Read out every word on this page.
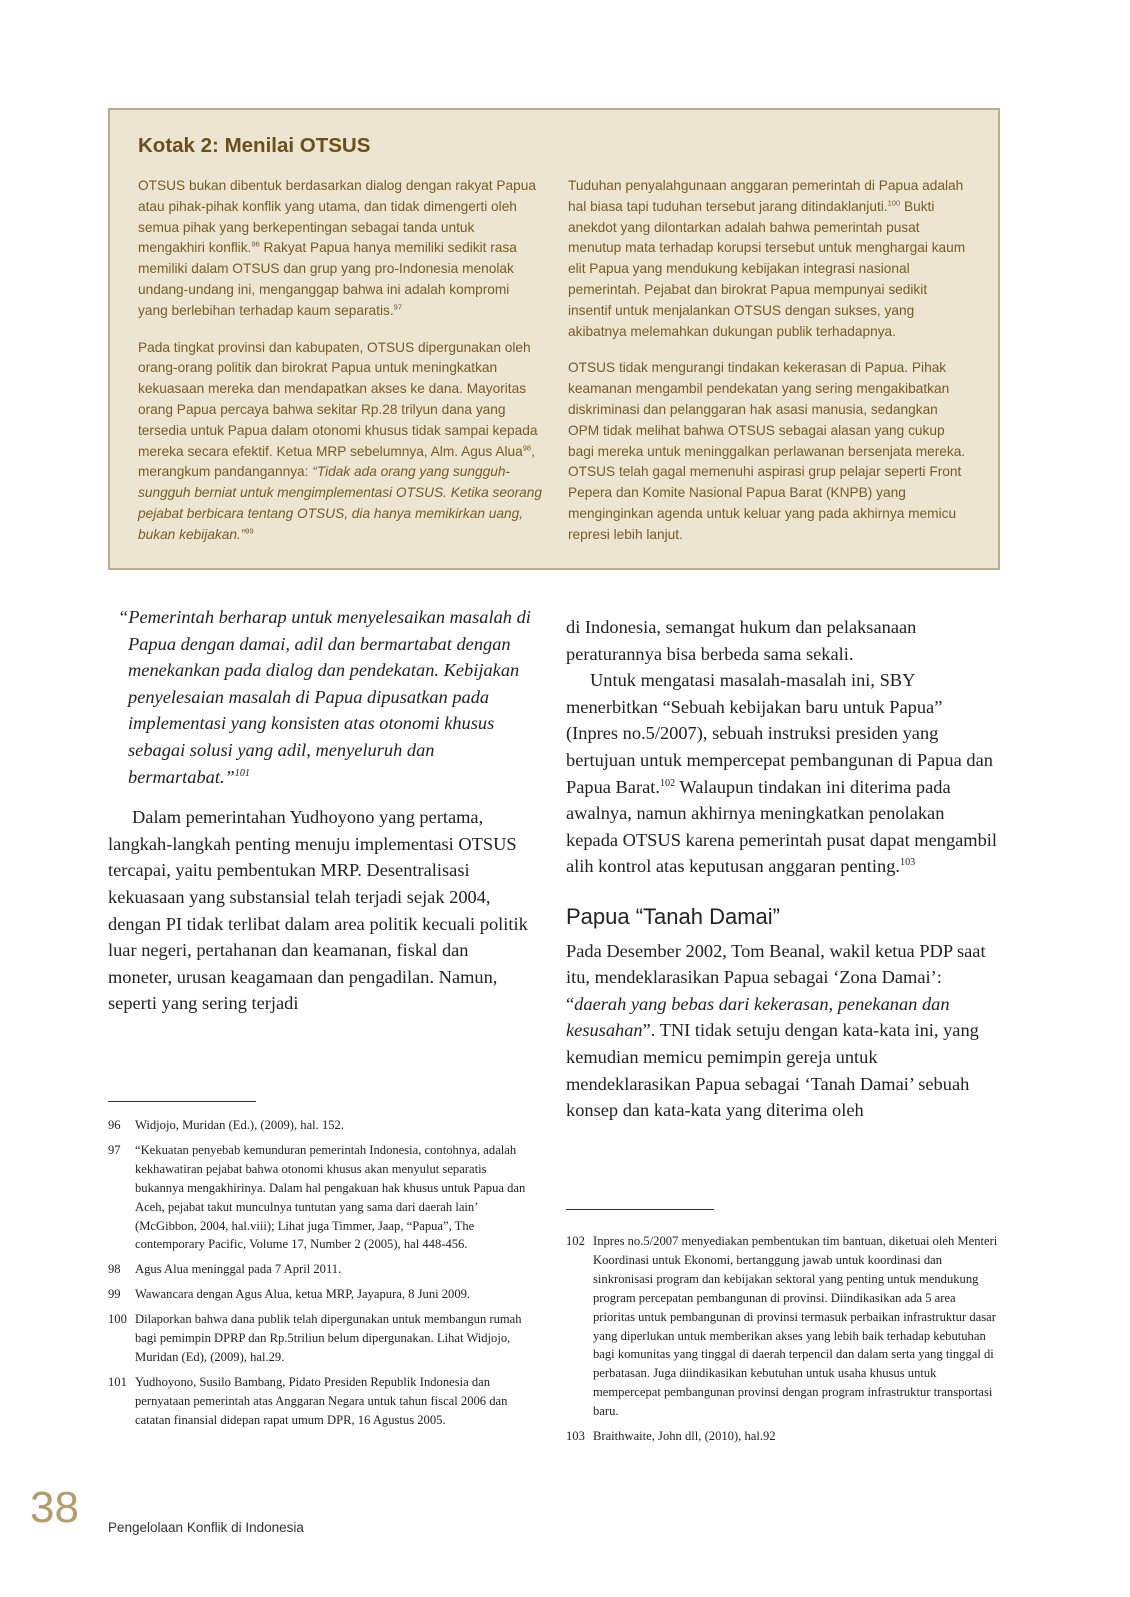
Kotak 2: Menilai OTSUS

OTSUS bukan dibentuk berdasarkan dialog dengan rakyat Papua atau pihak-pihak konflik yang utama, dan tidak dimengerti oleh semua pihak yang berkepentingan sebagai tanda untuk mengakhiri konflik.$^{96}$ Rakyat Papua hanya memiliki sedikit rasa memiliki dalam OTSUS dan grup yang pro-Indonesia menolak undang-undang ini, menganggap bahwa ini adalah kompromi yang berlebihan terhadap kaum separatis.$^{97}$

Pada tingkat provinsi dan kabupaten, OTSUS dipergunakan oleh orang-orang politik dan birokrat Papua untuk meningkatkan kekuasaan mereka dan mendapatkan akses ke dana. Mayoritas orang Papua percaya bahwa sekitar Rp.28 trilyun dana yang tersedia untuk Papua dalam otonomi khusus tidak sampai kepada mereka secara efektif. Ketua MRP sebelumnya, Alm. Agus Alua$^{98}$, merangkum pandangannya: “Tidak ada orang yang sungguh-sungguh berniat untuk mengimplementasi OTSUS. Ketika seorang pejabat berbicara tentang OTSUS, dia hanya memikirkan uang, bukan kebijakan.”$^{99}$

Tuduhan penyalahgunaan anggaran pemerintah di Papua adalah hal biasa tapi tuduhan tersebut jarang ditindaklanjuti.$^{100}$ Bukti anekdot yang dilontarkan adalah bahwa pemerintah pusat menutup mata terhadap korupsi tersebut untuk menghargai kaum elit Papua yang mendukung kebijakan integrasi nasional pemerintah. Pejabat dan birokrat Papua mempunyai sedikit insentif untuk menjalankan OTSUS dengan sukses, yang akibatnya melemahkan dukungan publik terhadapnya.

OTSUS tidak mengurangi tindakan kekerasan di Papua. Pihak keamanan mengambil pendekatan yang sering mengakibatkan diskriminasi dan pelanggaran hak asasi manusia, sedangkan OPM tidak melihat bahwa OTSUS sebagai alasan yang cukup bagi mereka untuk meninggalkan perlawanan bersenjata mereka. OTSUS telah gagal memenuhi aspirasi grup pelajar seperti Front Pepera dan Komite Nasional Papua Barat (KNPB) yang menginginkan agenda untuk keluar yang pada akhirnya memicu represi lebih lanjut.

“Pemerintah berharap untuk menyelesaikan masalah di Papua dengan damai, adil dan bermartabat dengan menekankan pada dialog dan pendekatan. Kebijakan penyelesaian masalah di Papua dipusatkan pada implementasi yang konsisten atas otonomi khusus sebagai solusi yang adil, menyeluruh dan bermartabat.”$^{101}$

Dalam pemerintahan Yudhoyono yang pertama, langkah-langkah penting menuju implementasi OTSUS tercapai, yaitu pembentukan MRP. Desentralisasi kekuasaan yang substansial telah terjadi sejak 2004, dengan PI tidak terlibat dalam area politik kecuali politik luar negeri, pertahanan dan keamanan, fiskal dan moneter, urusan keagamaan dan pengadilan. Namun, seperti yang sering terjadi

di Indonesia, semangat hukum dan pelaksanaan peraturannya bisa berbeda sama sekali.

Untuk mengatasi masalah-masalah ini, SBY menerbitkan “Sebuah kebijakan baru untuk Papua” (Inpres no.5/2007), sebuah instruksi presiden yang bertujuan untuk mempercepat pembangunan di Papua dan Papua Barat.$^{102}$ Walaupun tindakan ini diterima pada awalnya, namun akhirnya meningkatkan penolakan kepada OTSUS karena pemerintah pusat dapat mengambil alih kontrol atas keputusan anggaran penting.$^{103}$

Papua “Tanah Damai”

Pada Desember 2002, Tom Beanal, wakil ketua PDP saat itu, mendeklarasikan Papua sebagai ‘Zona Damai’: “daerah yang bebas dari kekerasan, penekanan dan kesusahan”. TNI tidak setuju dengan kata-kata ini, yang kemudian memicu pemimpin gereja untuk mendeklarasikan Papua sebagai ‘Tanah Damai’ sebuah konsep dan kata-kata yang diterima oleh

96	Widjojo, Muridan (Ed.), (2009), hal. 152.
97	“Kekuatan penyebab kemunduran pemerintah Indonesia, contohnya, adalah kekhawatiran pejabat bahwa otonomi khusus akan menyulut separatis bukannya mengakhirinya. Dalam hal pengakuan hak khusus untuk Papua dan Aceh, pejabat takut munculnya tuntutan yang sama dari daerah lain’ (McGibbon, 2004, hal.viii); Lihat juga Timmer, Jaap, “Papua”, The contemporary Pacific, Volume 17, Number 2 (2005), hal 448-456.
98	Agus Alua meninggal pada 7 April 2011.
99	Wawancara dengan Agus Alua, ketua MRP, Jayapura, 8 Juni 2009.
100 Dilaporkan bahwa dana publik telah dipergunakan untuk membangun rumah bagi pemimpin DPRP dan Rp.5triliun belum dipergunakan. Lihat Widjojo, Muridan (Ed), (2009), hal.29.
101 Yudhoyono, Susilo Bambang, Pidato Presiden Republik Indonesia dan pernyataan pemerintah atas Anggaran Negara untuk tahun fiscal 2006 dan catatan finansial didepan rapat umum DPR, 16 Agustus 2005.
102 Inpres no.5/2007 menyediakan pembentukan tim bantuan, diketuai oleh Menteri Koordinasi untuk Ekonomi, bertanggung jawab untuk koordinasi dan sinkronisasi program dan kebijakan sektoral yang penting untuk mendukung program percepatan pembangunan di provinsi. Diindikasikan ada 5 area prioritas untuk pembangunan di provinsi termasuk perbaikan infrastruktur dasar yang diperlukan untuk memberikan akses yang lebih baik terhadap kebutuhan bagi komunitas yang tinggal di daerah terpencil dan dalam serta yang tinggal di perbatasan. Juga diindikasikan kebutuhan untuk usaha khusus untuk mempercepat pembangunan provinsi dengan program infrastruktur transportasi baru.
103 Braithwaite, John dll, (2010), hal.92
38 Pengelolaan Konflik di Indonesia
